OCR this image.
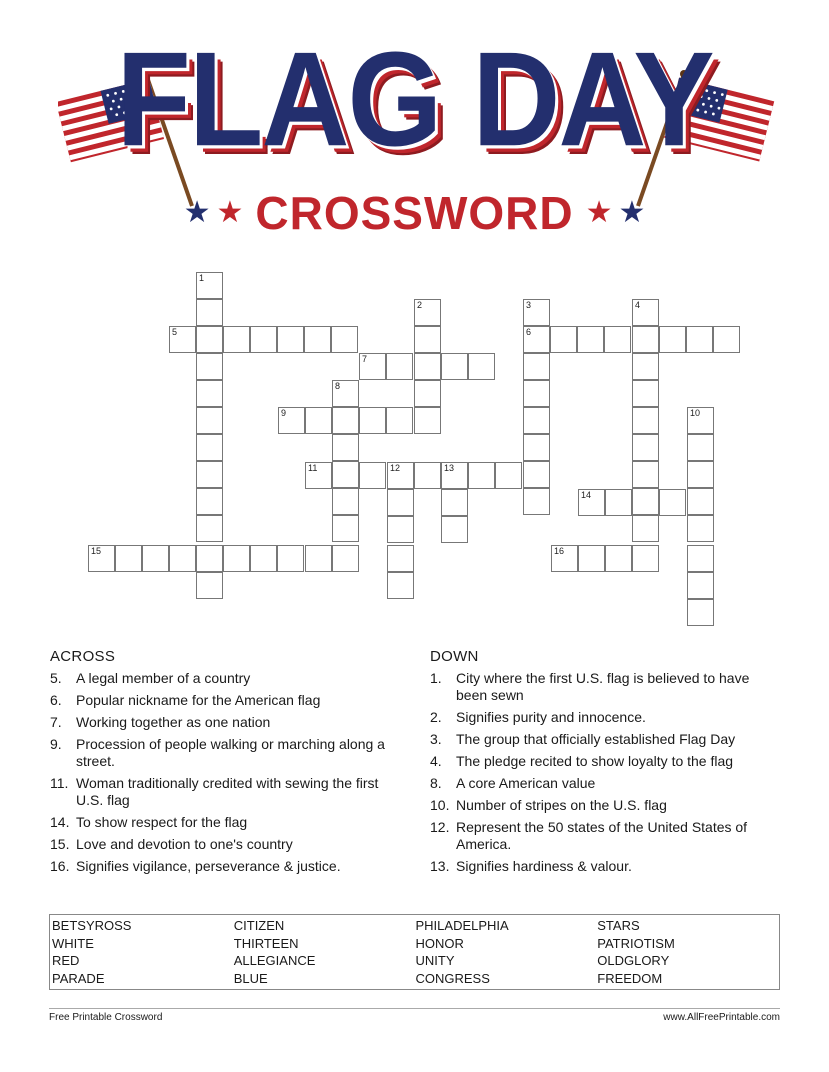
FLAG DAY
★ ★ CROSSWORD ★ ★
1
5
2	3
6
4
7
8
9	10
11	12	13
14
15	16
ACROSS
5. A legal member of a country
6. Popular nickname for the American flag
7. Working together as one nation
9. Procession of people walking or marching along a street.
11. Woman traditionally credited with sewing the first U.S. flag
14. To show respect for the flag
15. Love and devotion to one's country
16. Signifies vigilance, perseverance & justice.
DOWN
1. City where the first U.S. flag is believed to have been sewn
2. Signifies purity and innocence.
3. The group that officially established Flag Day
4. The pledge recited to show loyalty to the flag
8. A core American value
10. Number of stripes on the U.S. flag
12. Represent the 50 states of the United States of America.
13. Signifies hardiness & valour.
BETSYROSS	CITIZEN	PHILADELPHIA	STARS
WHITE	THIRTEEN	HONOR	PATRIOTISM
RED	ALLEGIANCE	UNITY	OLDGLORY
PARADE	BLUE	CONGRESS	FREEDOM
Free Printable Crossword	www.AllFreePrintable.com
